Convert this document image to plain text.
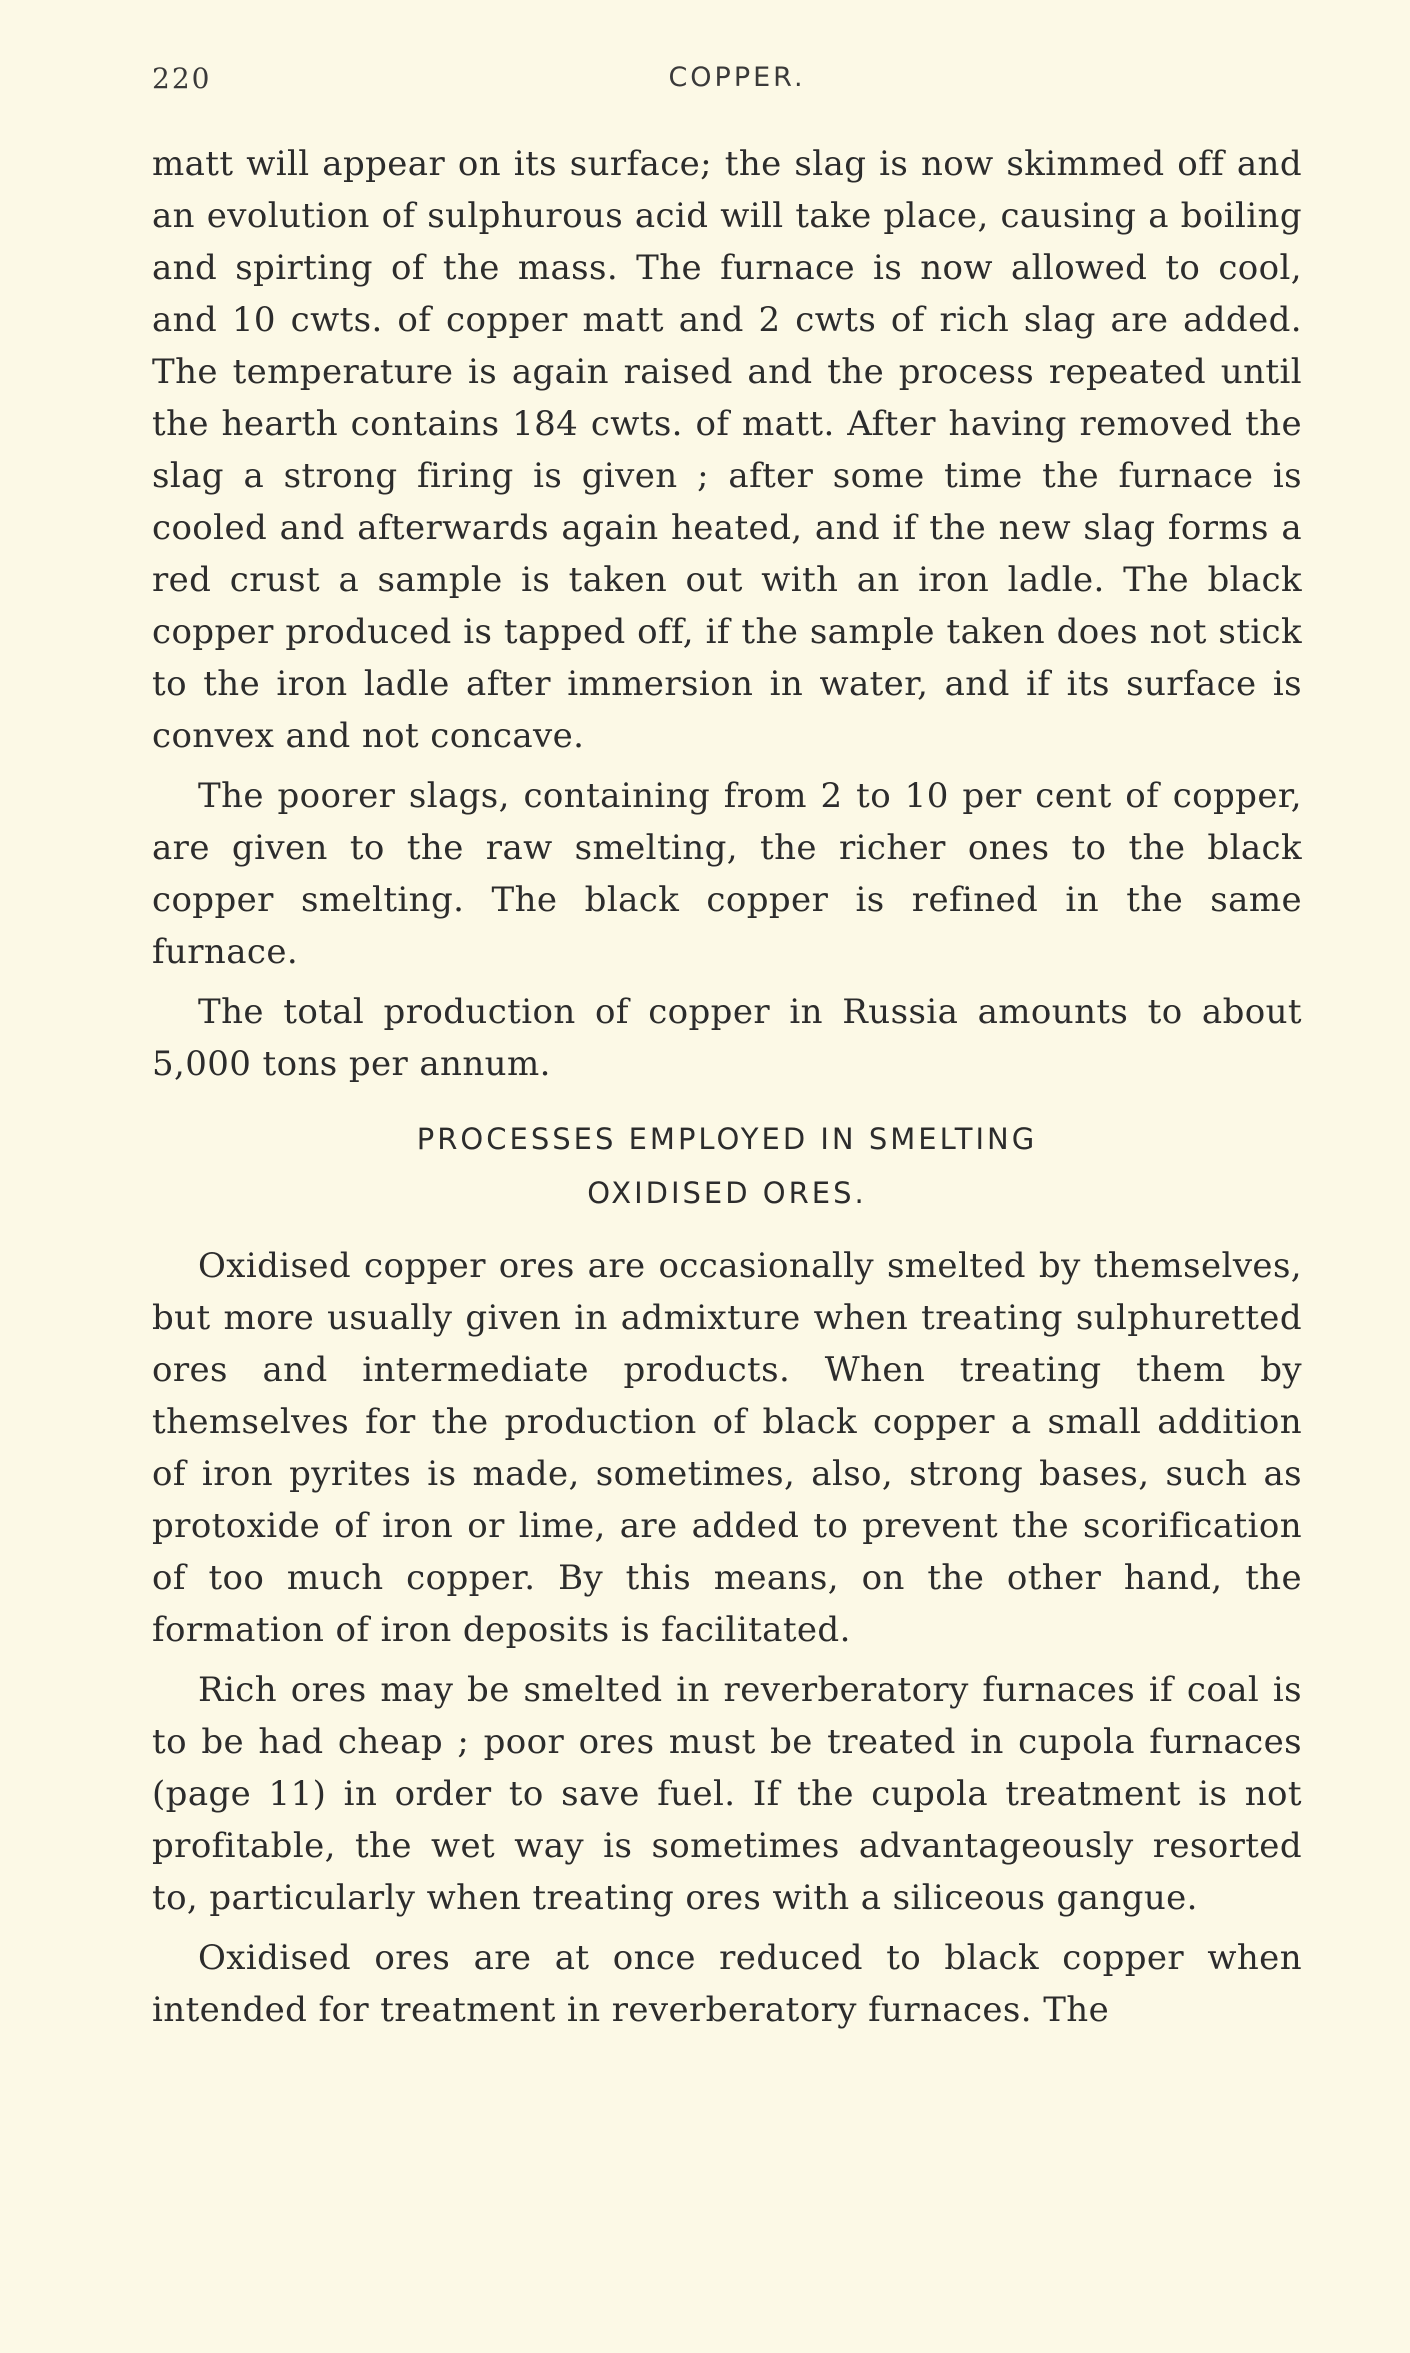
220	COPPER.

matt will appear on its surface; the slag is now skimmed off and an evolution of sulphurous acid will take place, causing a boiling and spirting of the mass. The furnace is now allowed to cool, and 10 cwts. of copper matt and 2 cwts of rich slag are added. The temperature is again raised and the process repeated until the hearth contains 184 cwts. of matt. After having removed the slag a strong firing is given ; after some time the furnace is cooled and afterwards again heated, and if the new slag forms a red crust a sample is taken out with an iron ladle. The black copper produced is tapped off, if the sample taken does not stick to the iron ladle after immersion in water, and if its surface is convex and not concave.

The poorer slags, containing from 2 to 10 per cent of copper, are given to the raw smelting, the richer ones to the black copper smelting. The black copper is refined in the same furnace.

The total production of copper in Russia amounts to about 5,000 tons per annum.

PROCESSES EMPLOYED IN SMELTING
OXIDISED ORES.

Oxidised copper ores are occasionally smelted by themselves, but more usually given in admixture when treating sulphuretted ores and intermediate products. When treating them by themselves for the production of black copper a small addition of iron pyrites is made, sometimes, also, strong bases, such as protoxide of iron or lime, are added to prevent the scorification of too much copper. By this means, on the other hand, the formation of iron deposits is facilitated.

Rich ores may be smelted in reverberatory furnaces if coal is to be had cheap ; poor ores must be treated in cupola furnaces (page 11) in order to save fuel. If the cupola treatment is not profitable, the wet way is sometimes advantageously resorted to, particularly when treating ores with a siliceous gangue.

Oxidised ores are at once reduced to black copper when intended for treatment in reverberatory furnaces. The
